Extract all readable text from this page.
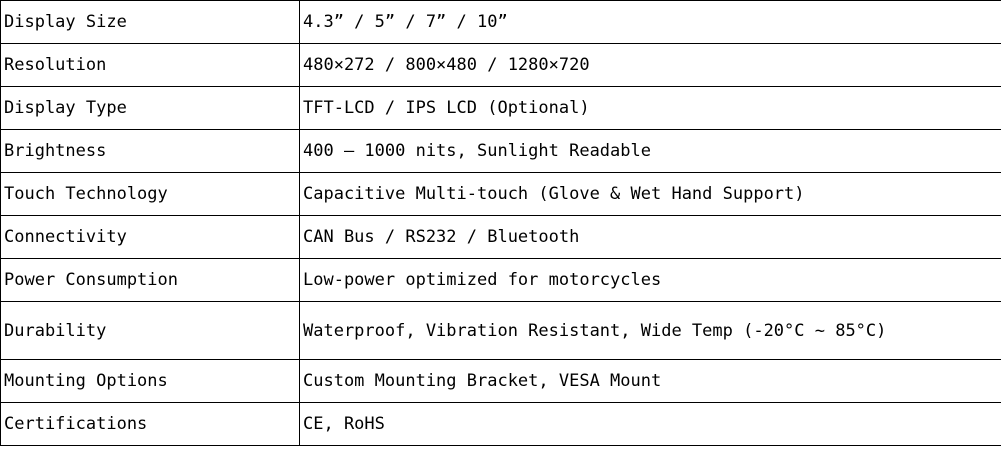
Display Size	4.3” / 5” / 7” / 10”
Resolution	480×272 / 800×480 / 1280×720
Display Type	TFT-LCD / IPS LCD (Optional)
Brightness	400 – 1000 nits, Sunlight Readable
Touch Technology	Capacitive Multi-touch (Glove & Wet Hand Support)
Connectivity	CAN Bus / RS232 / Bluetooth
Power Consumption	Low-power optimized for motorcycles
Durability	Waterproof, Vibration Resistant, Wide Temp (-20°C ~ 85°C)
Mounting Options	Custom Mounting Bracket, VESA Mount
Certifications	CE, RoHS
